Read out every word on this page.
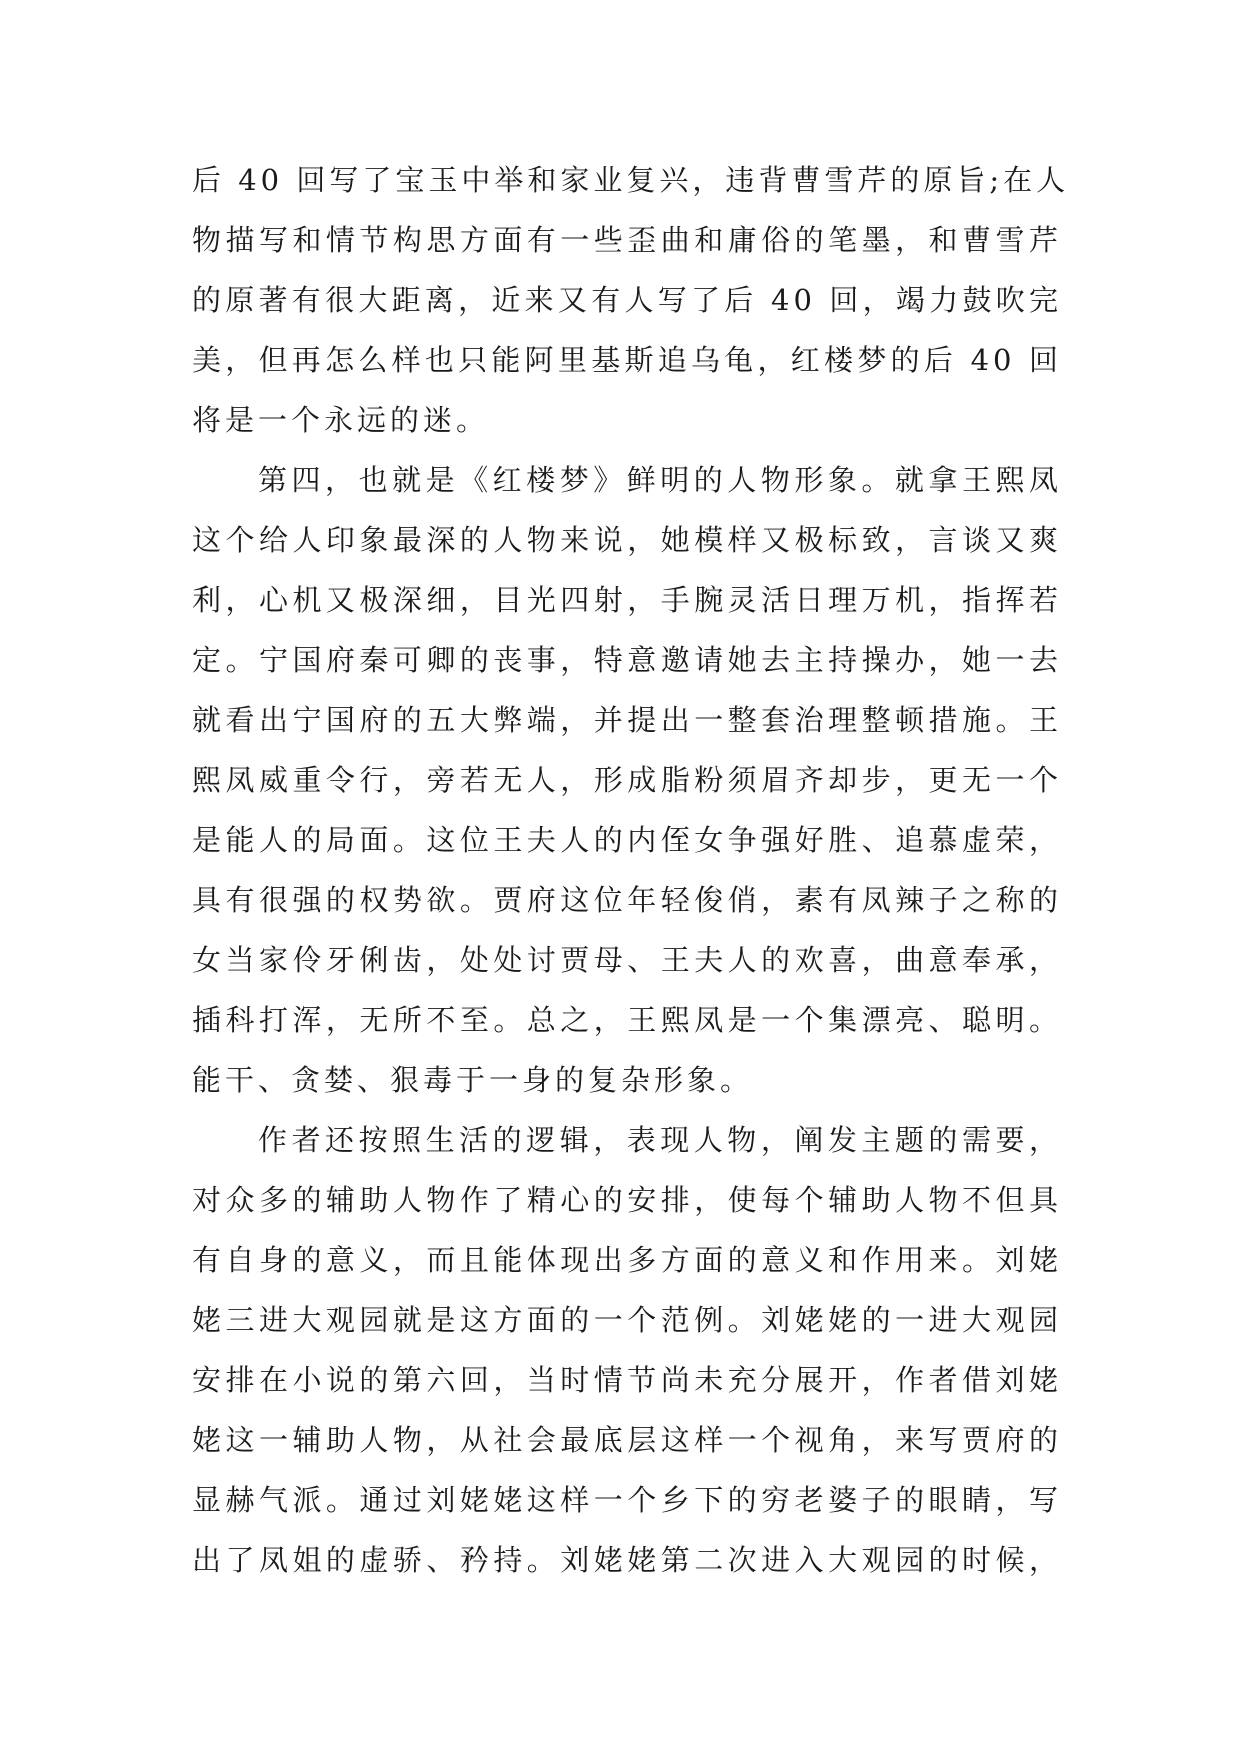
后 40 回写了宝玉中举和家业复兴，违背曹雪芹的原旨;在人
物描写和情节构思方面有一些歪曲和庸俗的笔墨，和曹雪芹
的原著有很大距离，近来又有人写了后 40 回，竭力鼓吹完
美，但再怎么样也只能阿里基斯追乌龟，红楼梦的后 40 回
将是一个永远的迷。
第四，也就是《红楼梦》鲜明的人物形象。就拿王熙凤
这个给人印象最深的人物来说，她模样又极标致，言谈又爽
利，心机又极深细，目光四射，手腕灵活日理万机，指挥若
定。宁国府秦可卿的丧事，特意邀请她去主持操办，她一去
就看出宁国府的五大弊端，并提出一整套治理整顿措施。王
熙凤威重令行，旁若无人，形成脂粉须眉齐却步，更无一个
是能人的局面。这位王夫人的内侄女争强好胜、追慕虚荣，
具有很强的权势欲。贾府这位年轻俊俏，素有凤辣子之称的
女当家伶牙俐齿，处处讨贾母、王夫人的欢喜，曲意奉承，
插科打浑，无所不至。总之，王熙凤是一个集漂亮、聪明。
能干、贪婪、狠毒于一身的复杂形象。
作者还按照生活的逻辑，表现人物，阐发主题的需要，
对众多的辅助人物作了精心的安排，使每个辅助人物不但具
有自身的意义，而且能体现出多方面的意义和作用来。刘姥
姥三进大观园就是这方面的一个范例。刘姥姥的一进大观园
安排在小说的第六回，当时情节尚未充分展开，作者借刘姥
姥这一辅助人物，从社会最底层这样一个视角，来写贾府的
显赫气派。通过刘姥姥这样一个乡下的穷老婆子的眼睛，写
出了凤姐的虚骄、矜持。刘姥姥第二次进入大观园的时候，
